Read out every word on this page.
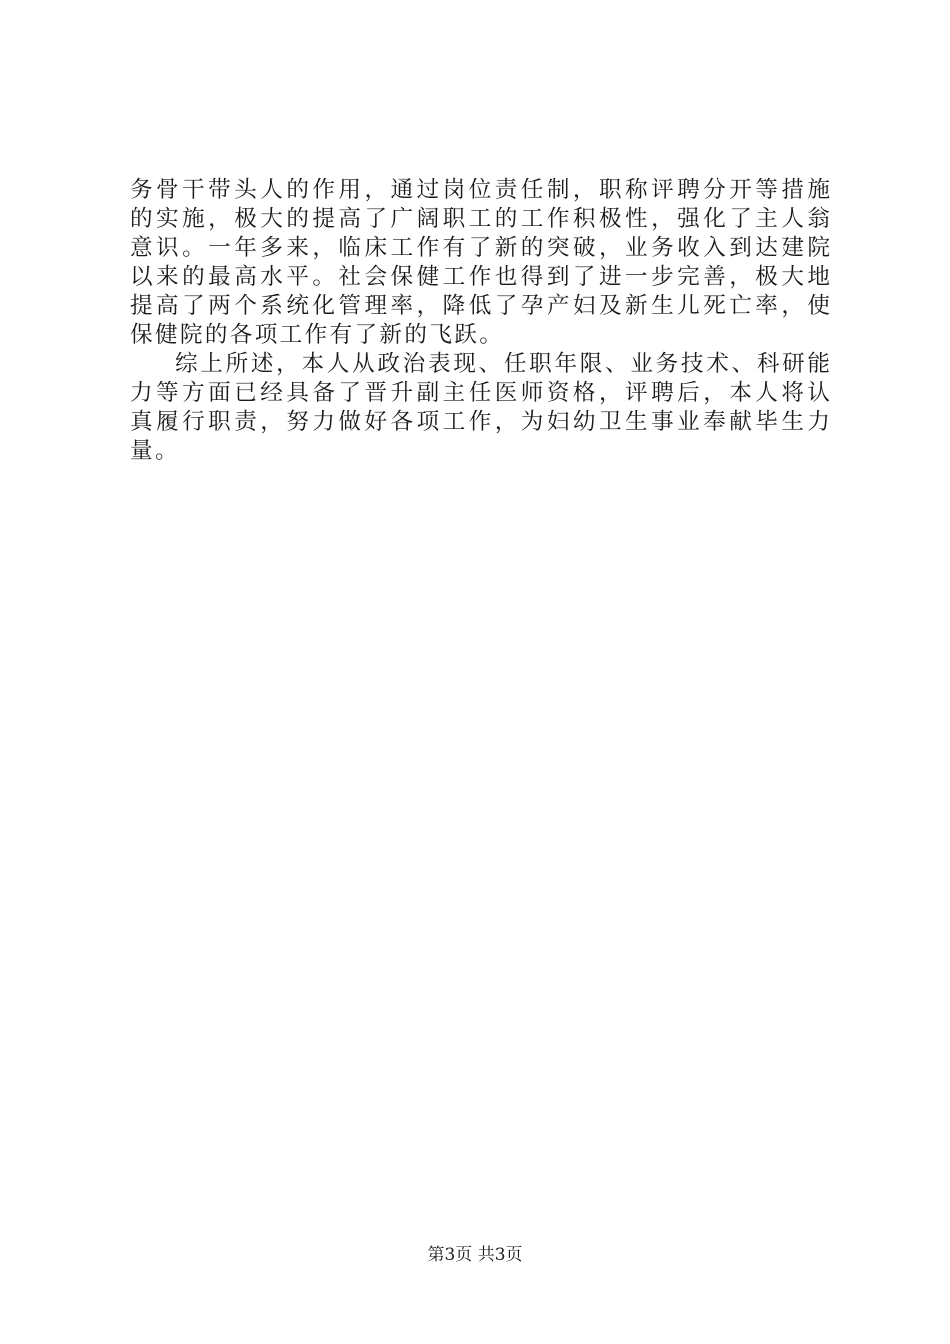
务骨干带头人的作用，通过岗位责任制，职称评聘分开等措施
的实施，极大的提高了广阔职工的工作积极性，强化了主人翁
意识。一年多来，临床工作有了新的突破，业务收入到达建院
以来的最高水平。社会保健工作也得到了进一步完善，极大地
提高了两个系统化管理率，降低了孕产妇及新生儿死亡率，使
保健院的各项工作有了新的飞跃。
综上所述，本人从政治表现、任职年限、业务技术、科研能
力等方面已经具备了晋升副主任医师资格，评聘后，本人将认
真履行职责，努力做好各项工作，为妇幼卫生事业奉献毕生力
量。
第3页 共3页
